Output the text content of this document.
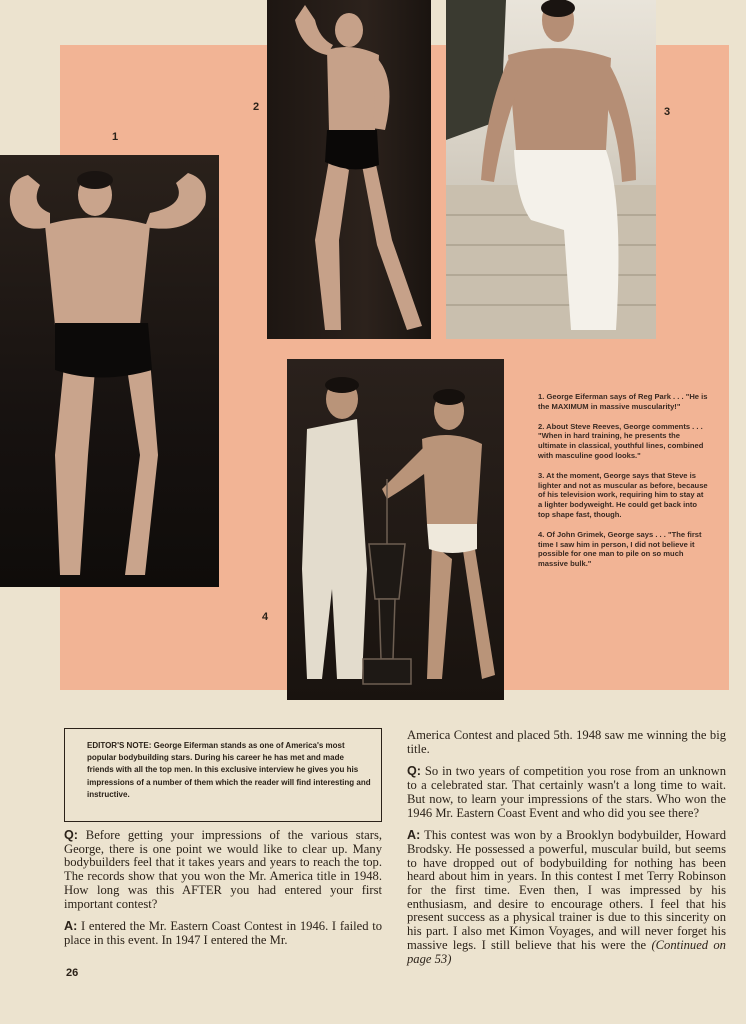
1
2	3
4

1. George Eiferman says of Reg Park . . . "He is the MAXIMUM in massive muscularity!"

2. About Steve Reeves, George comments . . . "When in hard training, he presents the ultimate in classical, youthful lines, combined with masculine good looks."

3. At the moment, George says that Steve is lighter and not as muscular as before, because of his television work, requiring him to stay at a lighter bodyweight. He could get back into top shape fast, though.

4. Of John Grimek, George says . . . "The first time I saw him in person, I did not believe it possible for one man to pile on so much massive bulk."

EDITOR'S NOTE: George Eiferman stands as one of America's most popular bodybuilding stars. During his career he has met and made friends with all the top men. In this exclusive interview he gives you his impressions of a number of them which the reader will find interesting and instructive.

Q: Before getting your impressions of the various stars, George, there is one point we would like to clear up. Many bodybuilders feel that it takes years and years to reach the top. The records show that you won the Mr. America title in 1948. How long was this AFTER you had entered your first important contest?

A: I entered the Mr. Eastern Coast Contest in 1946. I failed to place in this event. In 1947 I entered the Mr.

America Contest and placed 5th. 1948 saw me winning the big title.

Q: So in two years of competition you rose from an unknown to a celebrated star. That certainly wasn't a long time to wait. But now, to learn your impressions of the stars. Who won the 1946 Mr. Eastern Coast Event and who did you see there?

A: This contest was won by a Brooklyn bodybuilder, Howard Brodsky. He possessed a powerful, muscular build, but seems to have dropped out of bodybuilding for nothing has been heard about him in years. In this contest I met Terry Robinson for the first time. Even then, I was impressed by his enthusiasm, and desire to encourage others. I feel that his present success as a physical trainer is due to this sincerity on his part. I also met Kimon Voyages, and will never forget his massive legs. I still believe that his were the (Continued on page 53)

26
